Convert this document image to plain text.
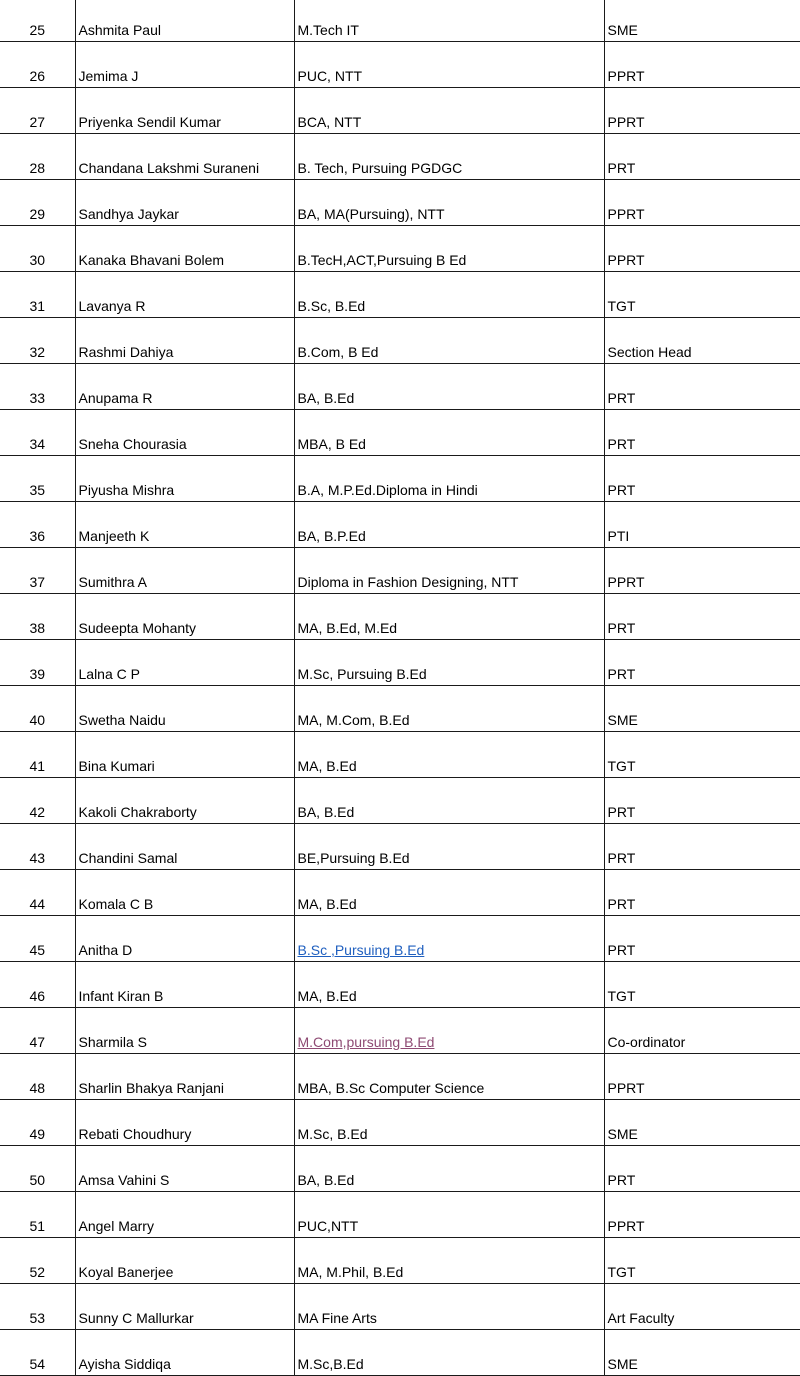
25	Ashmita Paul	M.Tech IT	SME
26	Jemima J	PUC, NTT	PPRT
27	Priyenka Sendil Kumar	BCA, NTT	PPRT
28	Chandana Lakshmi Suraneni	B. Tech, Pursuing PGDGC	PRT
29	Sandhya Jaykar	BA, MA(Pursuing), NTT	PPRT
30	Kanaka Bhavani Bolem	B.TecH,ACT,Pursuing B Ed	PPRT
31	Lavanya R	B.Sc, B.Ed	TGT
32	Rashmi Dahiya	B.Com, B Ed	Section Head
33	Anupama R	BA, B.Ed	PRT
34	Sneha Chourasia	MBA, B Ed	PRT
35	Piyusha Mishra	B.A, M.P.Ed.Diploma in Hindi	PRT
36	Manjeeth K	BA, B.P.Ed	PTI
37	Sumithra A	Diploma in Fashion Designing, NTT	PPRT
38	Sudeepta Mohanty	MA, B.Ed, M.Ed	PRT
39	Lalna C P	M.Sc, Pursuing B.Ed	PRT
40	Swetha Naidu	MA, M.Com, B.Ed	SME
41	Bina Kumari	MA, B.Ed	TGT
42	Kakoli Chakraborty	BA, B.Ed	PRT
43	Chandini Samal	BE,Pursuing B.Ed	PRT
44	Komala C B	MA, B.Ed	PRT
45	Anitha D	B.Sc ,Pursuing B.Ed	PRT
46	Infant Kiran B	MA, B.Ed	TGT
47	Sharmila S	M.Com,pursuing B.Ed	Co-ordinator
48	Sharlin Bhakya Ranjani	MBA, B.Sc Computer Science	PPRT
49	Rebati Choudhury	M.Sc, B.Ed	SME
50	Amsa Vahini S	BA, B.Ed	PRT
51	Angel Marry	PUC,NTT	PPRT
52	Koyal Banerjee	MA, M.Phil, B.Ed	TGT
53	Sunny C Mallurkar	MA Fine Arts	Art Faculty
54	Ayisha Siddiqa	M.Sc,B.Ed	SME
